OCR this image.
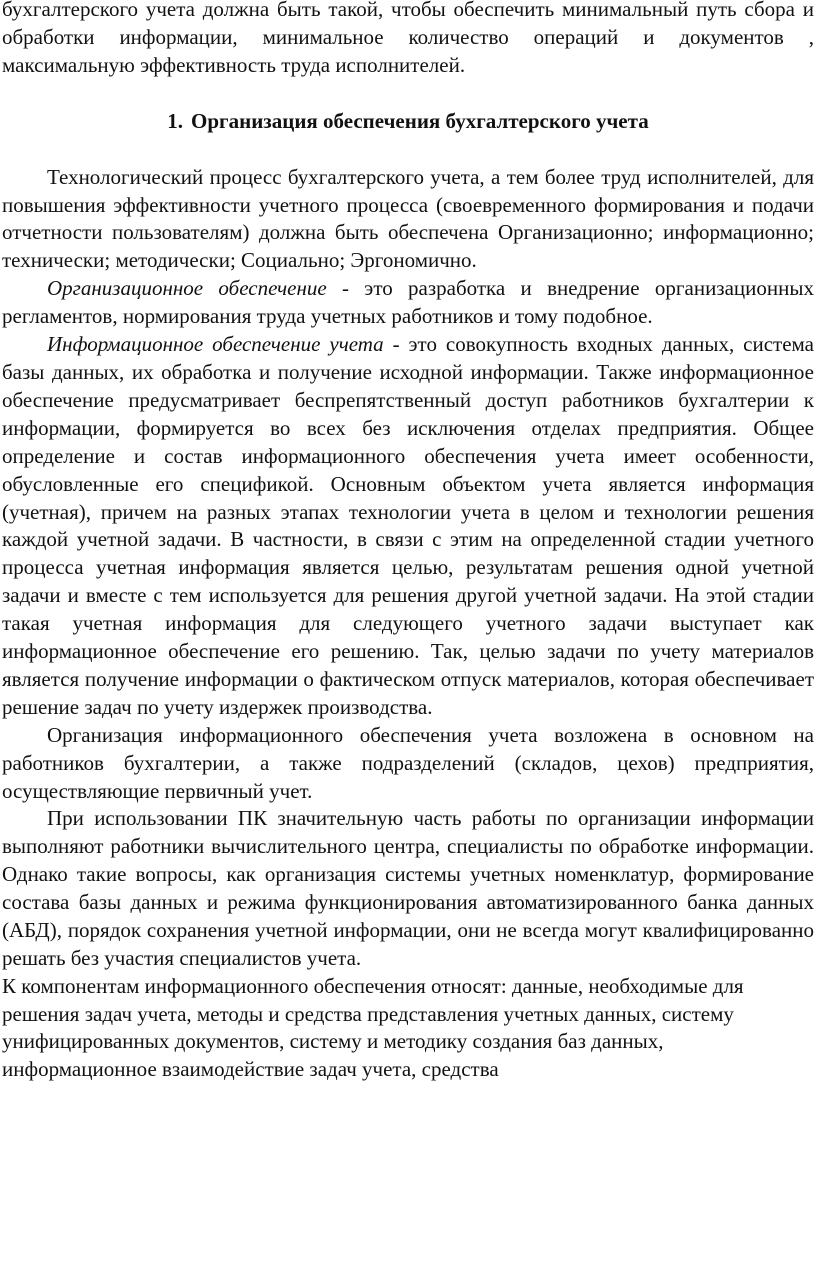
бухгалтерского учета должна быть такой, чтобы обеспечить минимальный путь сбора и обработки информации, минимальное количество операций и документов , максимальную эффективность труда исполнителей.

1. Организация обеспечения бухгалтерского учета

Технологический процесс бухгалтерского учета, а тем более труд исполнителей, для повышения эффективности учетного процесса (своевременного формирования и подачи отчетности пользователям) должна быть обеспечена Организационно; информационно; технически; методически; Социально; Эргономично.

Организационное обеспечение - это разработка и внедрение организационных регламентов, нормирования труда учетных работников и тому подобное.

Информационное обеспечение учета - это совокупность входных данных, система базы данных, их обработка и получение исходной информации. Также информационное обеспечение предусматривает беспрепятственный доступ работников бухгалтерии к информации, формируется во всех без исключения отделах предприятия. Общее определение и состав информационного обеспечения учета имеет особенности, обусловленные его спецификой. Основным объектом учета является информация (учетная), причем на разных этапах технологии учета в целом и технологии решения каждой учетной задачи. В частности, в связи с этим на определенной стадии учетного процесса учетная информация является целью, результатам решения одной учетной задачи и вместе с тем используется для решения другой учетной задачи. На этой стадии такая учетная информация для следующего учетного задачи выступает как информационное обеспечение его решению. Так, целью задачи по учету материалов является получение информации о фактическом отпуск материалов, которая обеспечивает решение задач по учету издержек производства.

Организация информационного обеспечения учета возложена в основном на работников бухгалтерии, а также подразделений (складов, цехов) предприятия, осуществляющие первичный учет.

При использовании ПК значительную часть работы по организации информации выполняют работники вычислительного центра, специалисты по обработке информации. Однако такие вопросы, как организация системы учетных номенклатур, формирование состава базы данных и режима функционирования автоматизированного банка данных (АБД), порядок сохранения учетной информации, они не всегда могут квалифицированно решать без участия специалистов учета.

К компонентам информационного обеспечения относят: данные, необходимые для решения задач учета, методы и средства представления учетных данных, систему унифицированных документов, систему и методику создания баз данных, информационное взаимодействие задач учета, средства
